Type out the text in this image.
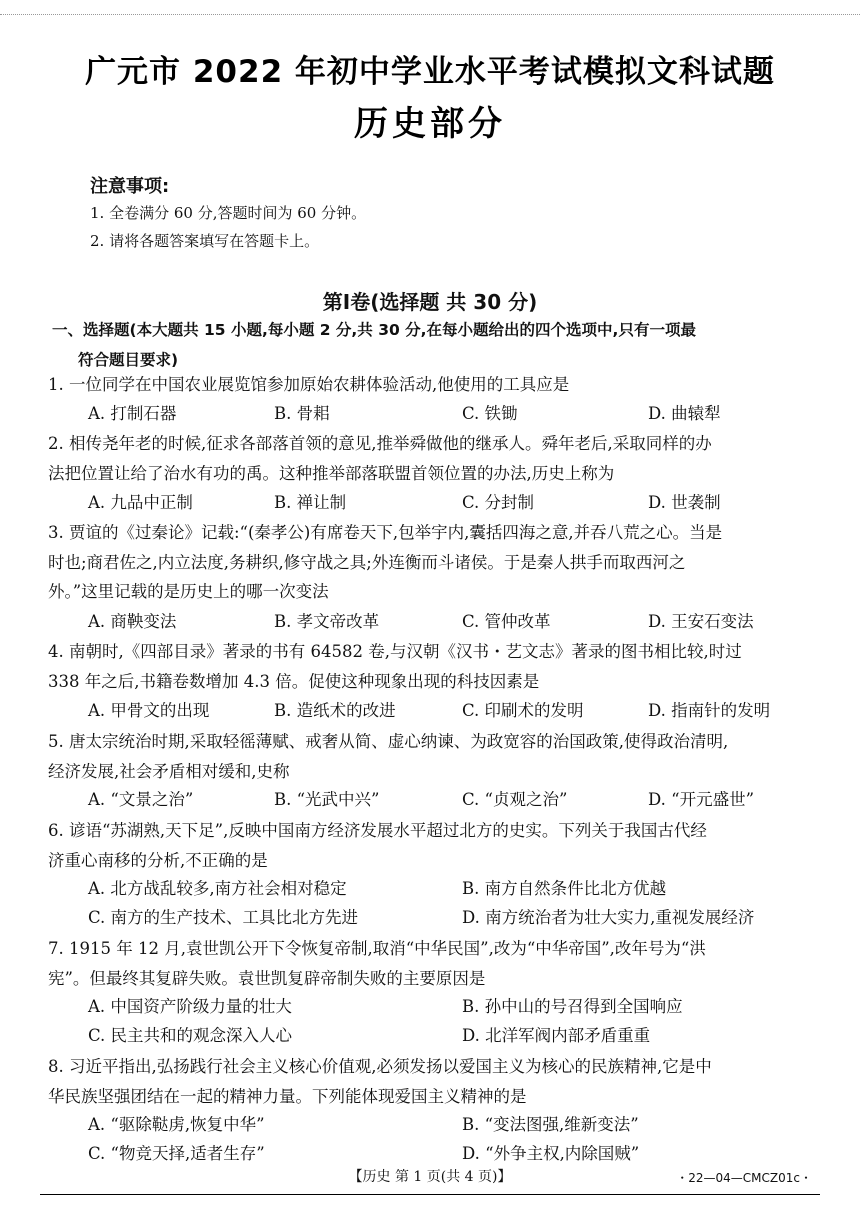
广元市 2022 年初中学业水平考试模拟文科试题
历史部分
注意事项:
1. 全卷满分 60 分,答题时间为 60 分钟。
2. 请将各题答案填写在答题卡上。
第Ⅰ卷(选择题 共 30 分)
一、选择题(本大题共 15 小题,每小题 2 分,共 30 分,在每小题给出的四个选项中,只有一项最
符合题目要求)
1. 一位同学在中国农业展览馆参加原始农耕体验活动,他使用的工具应是
A. 打制石器	B. 骨耜	C. 铁锄	D. 曲辕犁
2. 相传尧年老的时候,征求各部落首领的意见,推举舜做他的继承人。舜年老后,采取同样的办
法把位置让给了治水有功的禹。这种推举部落联盟首领位置的办法,历史上称为
A. 九品中正制	B. 禅让制	C. 分封制	D. 世袭制
3. 贾谊的《过秦论》记载:“(秦孝公)有席卷天下,包举宇内,囊括四海之意,并吞八荒之心。当是
时也;商君佐之,内立法度,务耕织,修守战之具;外连衡而斗诸侯。于是秦人拱手而取西河之
外。”这里记载的是历史上的哪一次变法
A. 商鞅变法	B. 孝文帝改革	C. 管仲改革	D. 王安石变法
4. 南朝时,《四部目录》著录的书有 64582 卷,与汉朝《汉书・艺文志》著录的图书相比较,时过
338 年之后,书籍卷数增加 4.3 倍。促使这种现象出现的科技因素是
A. 甲骨文的出现	B. 造纸术的改进	C. 印刷术的发明	D. 指南针的发明
5. 唐太宗统治时期,采取轻徭薄赋、戒奢从简、虚心纳谏、为政宽容的治国政策,使得政治清明,
经济发展,社会矛盾相对缓和,史称
A. “文景之治”	B. “光武中兴”	C. “贞观之治”	D. “开元盛世”
6. 谚语“苏湖熟,天下足”,反映中国南方经济发展水平超过北方的史实。下列关于我国古代经
济重心南移的分析,不正确的是
A. 北方战乱较多,南方社会相对稳定	B. 南方自然条件比北方优越
C. 南方的生产技术、工具比北方先进	D. 南方统治者为壮大实力,重视发展经济
7. 1915 年 12 月,袁世凯公开下令恢复帝制,取消“中华民国”,改为“中华帝国”,改年号为“洪
宪”。但最终其复辟失败。袁世凯复辟帝制失败的主要原因是
A. 中国资产阶级力量的壮大	B. 孙中山的号召得到全国响应
C. 民主共和的观念深入人心	D. 北洋军阀内部矛盾重重
8. 习近平指出,弘扬践行社会主义核心价值观,必须发扬以爱国主义为核心的民族精神,它是中
华民族坚强团结在一起的精神力量。下列能体现爱国主义精神的是
A. “驱除鞑虏,恢复中华”	B. “变法图强,维新变法”
C. “物竞天择,适者生存”	D. “外争主权,内除国贼”
【历史 第 1 页(共 4 页)】	・22—04—CMCZ01c・
